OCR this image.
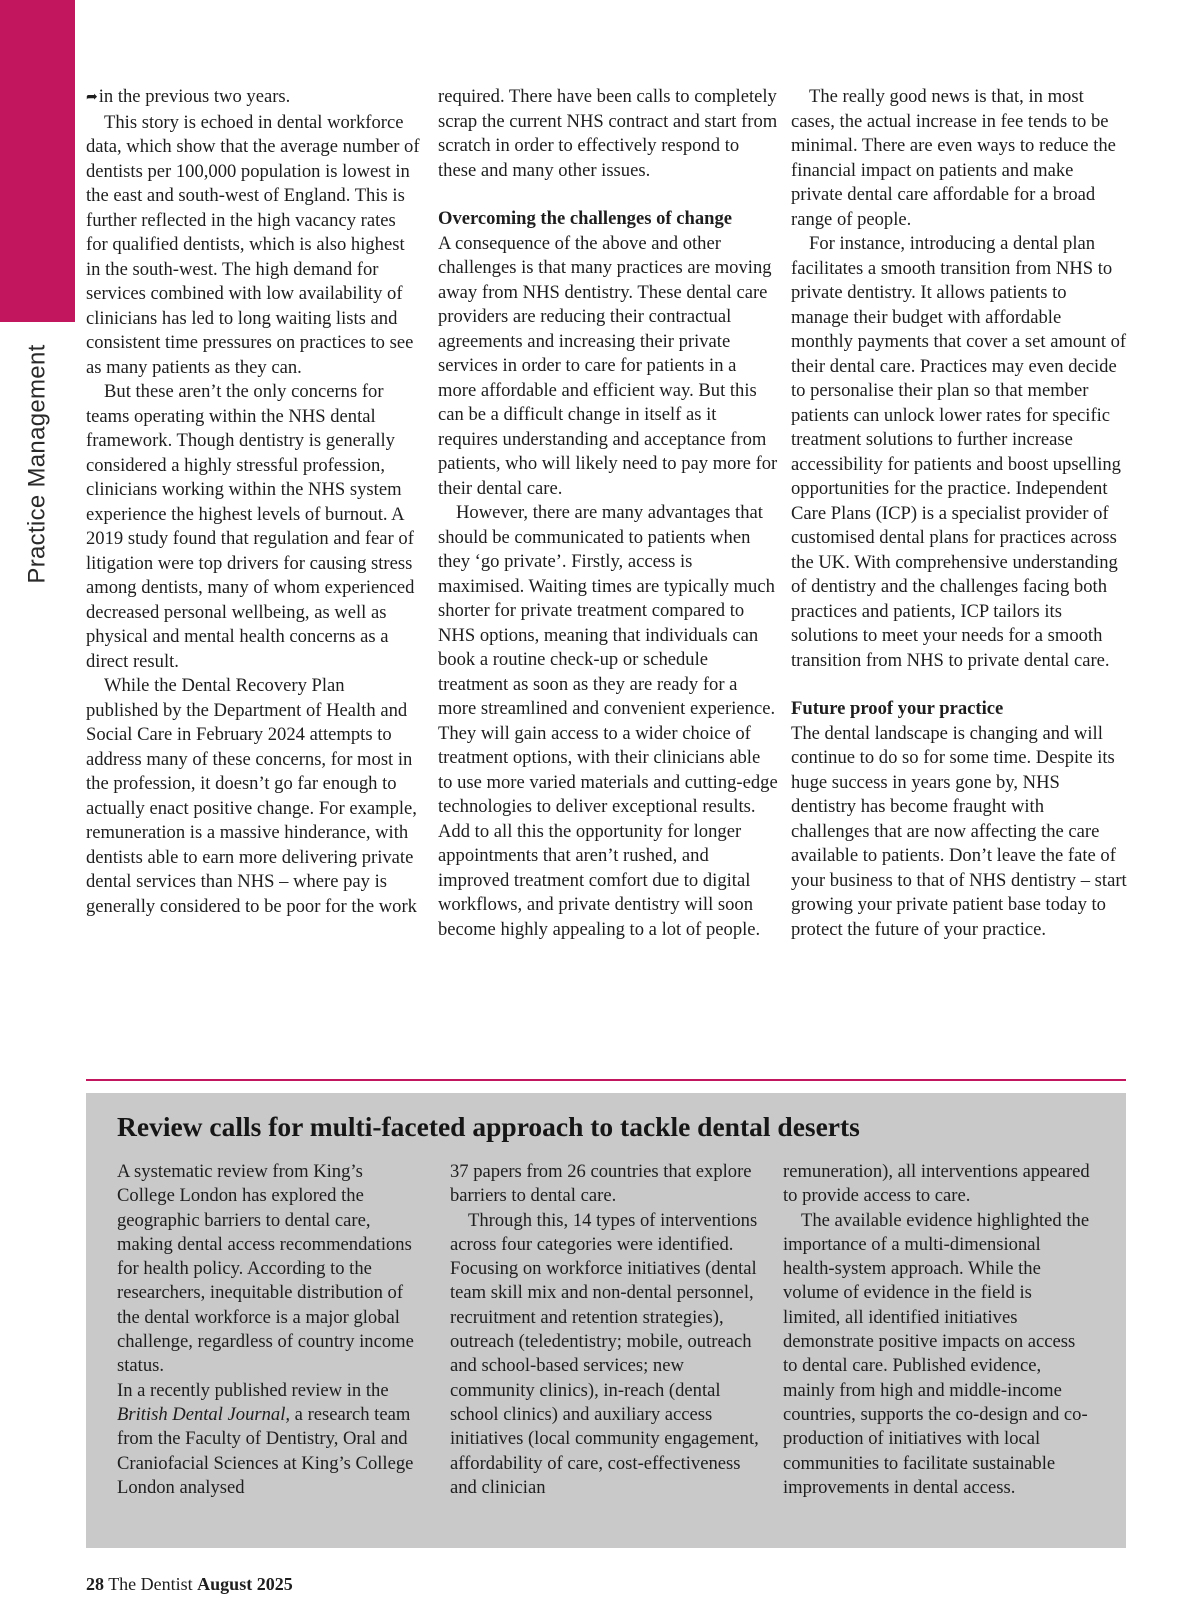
Practice Management

➦in the previous two years.

This story is echoed in dental workforce data, which show that the average number of dentists per 100,000 population is lowest in the east and south-west of England. This is further reflected in the high vacancy rates for qualified dentists, which is also highest in the south-west. The high demand for services combined with low availability of clinicians has led to long waiting lists and consistent time pressures on practices to see as many patients as they can.

But these aren’t the only concerns for teams operating within the NHS dental framework. Though dentistry is generally considered a highly stressful profession, clinicians working within the NHS system experience the highest levels of burnout. A 2019 study found that regulation and fear of litigation were top drivers for causing stress among dentists, many of whom experienced decreased personal wellbeing, as well as physical and mental health concerns as a direct result.

While the Dental Recovery Plan published by the Department of Health and Social Care in February 2024 attempts to address many of these concerns, for most in the profession, it doesn’t go far enough to actually enact positive change. For example, remuneration is a massive hinderance, with dentists able to earn more delivering private dental services than NHS – where pay is generally considered to be poor for the work

required. There have been calls to completely scrap the current NHS contract and start from scratch in order to effectively respond to these and many other issues.

Overcoming the challenges of change

A consequence of the above and other challenges is that many practices are moving away from NHS dentistry. These dental care providers are reducing their contractual agreements and increasing their private services in order to care for patients in a more affordable and efficient way. But this can be a difficult change in itself as it requires understanding and acceptance from patients, who will likely need to pay more for their dental care.

However, there are many advantages that should be communicated to patients when they ‘go private’. Firstly, access is maximised. Waiting times are typically much shorter for private treatment compared to NHS options, meaning that individuals can book a routine check-up or schedule treatment as soon as they are ready for a more streamlined and convenient experience. They will gain access to a wider choice of treatment options, with their clinicians able to use more varied materials and cutting-edge technologies to deliver exceptional results. Add to all this the opportunity for longer appointments that aren’t rushed, and improved treatment comfort due to digital workflows, and private dentistry will soon become highly appealing to a lot of people.

The really good news is that, in most cases, the actual increase in fee tends to be minimal. There are even ways to reduce the financial impact on patients and make private dental care affordable for a broad range of people.

For instance, introducing a dental plan facilitates a smooth transition from NHS to private dentistry. It allows patients to manage their budget with affordable monthly payments that cover a set amount of their dental care. Practices may even decide to personalise their plan so that member patients can unlock lower rates for specific treatment solutions to further increase accessibility for patients and boost upselling opportunities for the practice. Independent Care Plans (ICP) is a specialist provider of customised dental plans for practices across the UK. With comprehensive understanding of dentistry and the challenges facing both practices and patients, ICP tailors its solutions to meet your needs for a smooth transition from NHS to private dental care.

Future proof your practice

The dental landscape is changing and will continue to do so for some time. Despite its huge success in years gone by, NHS dentistry has become fraught with challenges that are now affecting the care available to patients. Don’t leave the fate of your business to that of NHS dentistry – start growing your private patient base today to protect the future of your practice.

Review calls for multi-faceted approach to tackle dental deserts

A systematic review from King’s College London has explored the geographic barriers to dental care, making dental access recommendations for health policy. According to the researchers, inequitable distribution of the dental workforce is a major global challenge, regardless of country income status.

In a recently published review in the British Dental Journal, a research team from the Faculty of Dentistry, Oral and Craniofacial Sciences at King’s College London analysed

37 papers from 26 countries that explore barriers to dental care.

Through this, 14 types of interventions across four categories were identified. Focusing on workforce initiatives (dental team skill mix and non-dental personnel, recruitment and retention strategies), outreach (teledentistry; mobile, outreach and school-based services; new community clinics), in-reach (dental school clinics) and auxiliary access initiatives (local community engagement, affordability of care, cost-effectiveness and clinician

remuneration), all interventions appeared to provide access to care.

The available evidence highlighted the importance of a multi-dimensional health-system approach. While the volume of evidence in the field is limited, all identified initiatives demonstrate positive impacts on access to dental care. Published evidence, mainly from high and middle-income countries, supports the co-design and co-production of initiatives with local communities to facilitate sustainable improvements in dental access.

28 The Dentist August 2025
